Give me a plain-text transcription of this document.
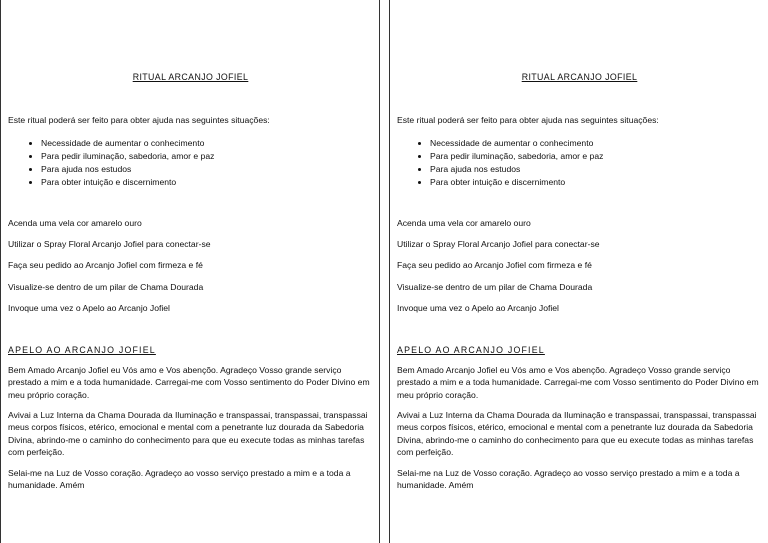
RITUAL ARCANJO JOFIEL
Este ritual poderá ser feito para obter ajuda nas seguintes situações:
• Necessidade de aumentar o conhecimento
• Para pedir iluminação, sabedoria, amor e paz
• Para ajuda nos estudos
• Para obter intuição e discernimento
Acenda uma vela cor amarelo ouro
Utilizar o Spray Floral Arcanjo Jofiel para conectar-se
Faça seu pedido ao Arcanjo Jofiel com firmeza e fé
Visualize-se dentro de um pilar de Chama Dourada
Invoque uma vez o Apelo ao Arcanjo Jofiel
APELO AO ARCANJO JOFIEL
Bem Amado Arcanjo Jofiel eu Vós amo e Vos abençõo. Agradeço Vosso grande serviço prestado a mim e a toda humanidade. Carregai-me com Vosso sentimento do Poder Divino em meu próprio coração.
Avivai a Luz Interna da Chama Dourada da Iluminação e transpassai, transpassai, transpassai meus corpos físicos, etérico, emocional e mental com a penetrante luz dourada da Sabedoria Divina, abrindo-me o caminho do conhecimento para que eu execute todas as minhas tarefas com perfeição.
Selai-me na Luz de Vosso coração. Agradeço ao vosso serviço prestado a mim e a toda a humanidade. Amém
RITUAL ARCANJO JOFIEL
Este ritual poderá ser feito para obter ajuda nas seguintes situações:
• Necessidade de aumentar o conhecimento
• Para pedir iluminação, sabedoria, amor e paz
• Para ajuda nos estudos
• Para obter intuição e discernimento
Acenda uma vela cor amarelo ouro
Utilizar o Spray Floral Arcanjo Jofiel para conectar-se
Faça seu pedido ao Arcanjo Jofiel com firmeza e fé
Visualize-se dentro de um pilar de Chama Dourada
Invoque uma vez o Apelo ao Arcanjo Jofiel
APELO AO ARCANJO JOFIEL
Bem Amado Arcanjo Jofiel eu Vós amo e Vos abençõo. Agradeço Vosso grande serviço prestado a mim e a toda humanidade. Carregai-me com Vosso sentimento do Poder Divino em meu próprio coração.
Avivai a Luz Interna da Chama Dourada da Iluminação e transpassai, transpassai, transpassai meus corpos físicos, etérico, emocional e mental com a penetrante luz dourada da Sabedoria Divina, abrindo-me o caminho do conhecimento para que eu execute todas as minhas tarefas com perfeição.
Selai-me na Luz de Vosso coração. Agradeço ao vosso serviço prestado a mim e a toda a humanidade. Amém
